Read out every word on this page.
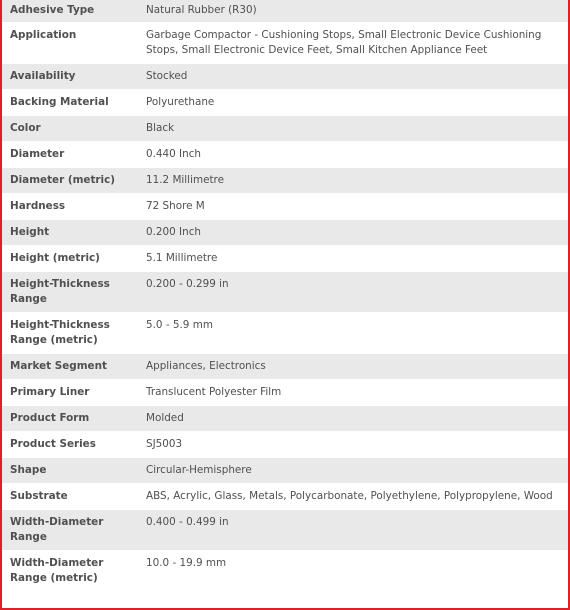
Adhesive Type	Natural Rubber (R30)
Application	Garbage Compactor - Cushioning Stops, Small Electronic Device Cushioning Stops, Small Electronic Device Feet, Small Kitchen Appliance Feet
Availability	Stocked
Backing Material	Polyurethane
Color	Black
Diameter	0.440 Inch
Diameter (metric)	11.2 Millimetre
Hardness	72 Shore M
Height	0.200 Inch
Height (metric)	5.1 Millimetre
Height-Thickness Range	0.200 - 0.299 in
Height-Thickness Range (metric)	5.0 - 5.9 mm
Market Segment	Appliances, Electronics
Primary Liner	Translucent Polyester Film
Product Form	Molded
Product Series	SJ5003
Shape	Circular-Hemisphere
Substrate	ABS, Acrylic, Glass, Metals, Polycarbonate, Polyethylene, Polypropylene, Wood
Width-Diameter Range	0.400 - 0.499 in
Width-Diameter Range (metric)	10.0 - 19.9 mm
